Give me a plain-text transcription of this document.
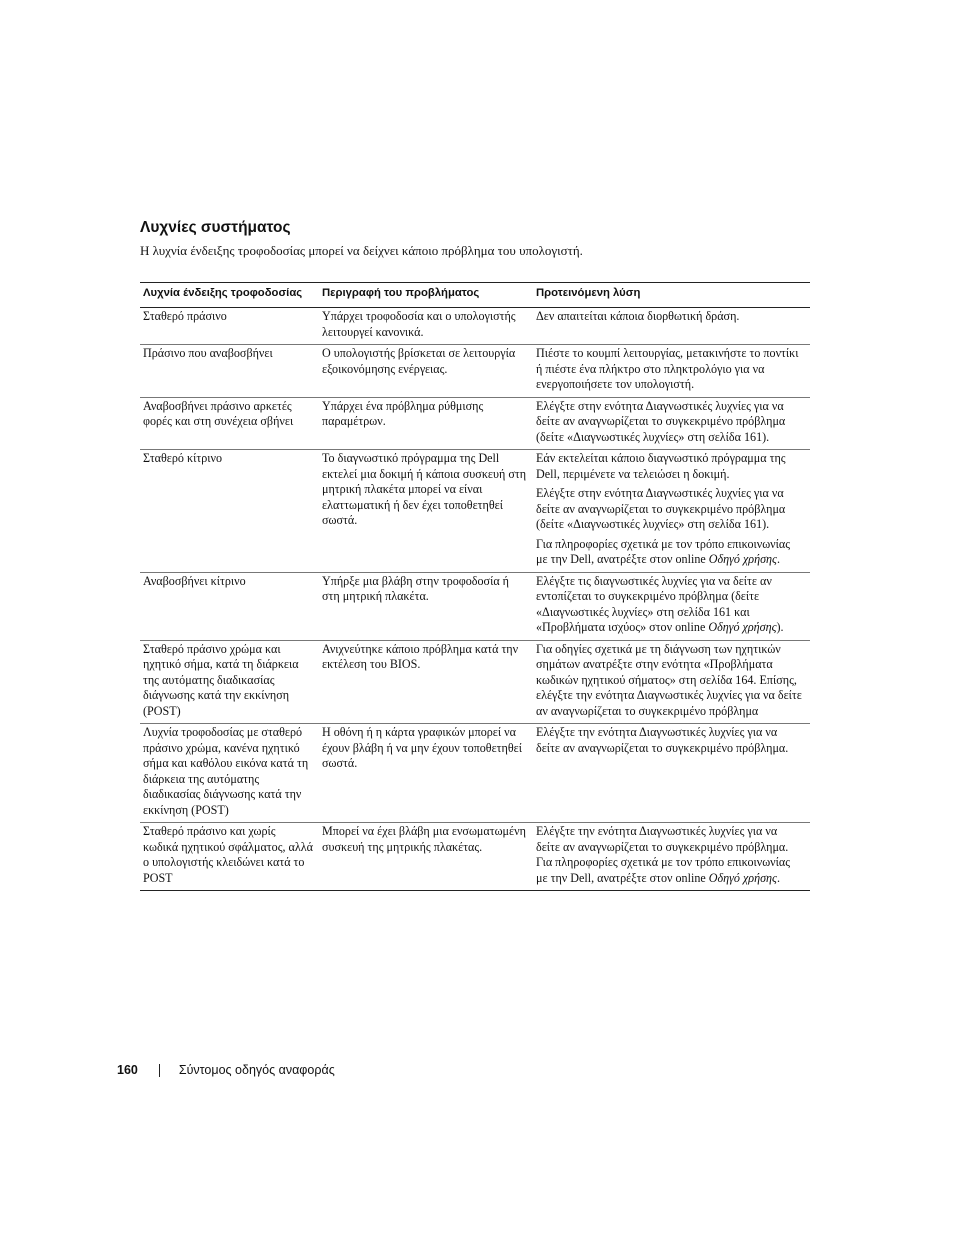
Λυχνίες συστήματος

Η λυχνία ένδειξης τροφοδοσίας μπορεί να δείχνει κάποιο πρόβλημα του υπολογιστή.

Λυχνία ένδειξης τροφοδοσίας	Περιγραφή του προβλήματος	Προτεινόμενη λύση
Σταθερό πράσινο	Υπάρχει τροφοδοσία και ο υπολογιστής λειτουργεί κανονικά.	Δεν απαιτείται κάποια διορθωτική δράση.

Πράσινο που αναβοσβήνει	Ο υπολογιστής βρίσκεται σε λειτουργία εξοικονόμησης ενέργειας.	Πιέστε το κουμπί λειτουργίας, μετακινήστε το ποντίκι ή πιέστε ένα πλήκτρο στο πληκτρολόγιο για να ενεργοποιήσετε τον υπολογιστή.

Αναβοσβήνει πράσινο αρκετές φορές και στη συνέχεια σβήνει	Υπάρχει ένα πρόβλημα ρύθμισης παραμέτρων.	Ελέγξτε στην ενότητα Διαγνωστικές λυχνίες για να δείτε αν αναγνωρίζεται το συγκεκριμένο πρόβλημα (δείτε «Διαγνωστικές λυχνίες» στη σελίδα 161).

Σταθερό κίτρινο	Το διαγνωστικό πρόγραμμα της Dell εκτελεί μια δοκιμή ή κάποια συσκευή στη μητρική πλακέτα μπορεί να είναι ελαττωματική ή δεν έχει τοποθετηθεί σωστά.	Εάν εκτελείται κάποιο διαγνωστικό πρόγραμμα της Dell, περιμένετε να τελειώσει η δοκιμή.

Ελέγξτε στην ενότητα Διαγνωστικές λυχνίες για να δείτε αν αναγνωρίζεται το συγκεκριμένο πρόβλημα (δείτε «Διαγνωστικές λυχνίες» στη σελίδα 161).

Για πληροφορίες σχετικά με τον τρόπο επικοινωνίας με την Dell, ανατρέξτε στον online Οδηγό χρήσης.

Αναβοσβήνει κίτρινο	Υπήρξε μια βλάβη στην τροφοδοσία ή στη μητρική πλακέτα.	Ελέγξτε τις διαγνωστικές λυχνίες για να δείτε αν εντοπίζεται το συγκεκριμένο πρόβλημα (δείτε «Διαγνωστικές λυχνίες» στη σελίδα 161 και «Προβλήματα ισχύος» στον online Οδηγό χρήσης).

Σταθερό πράσινο χρώμα και ηχητικό σήμα, κατά τη διάρκεια της αυτόματης διαδικασίας διάγνωσης κατά την εκκίνηση (POST)	Ανιχνεύτηκε κάποιο πρόβλημα κατά την εκτέλεση του BIOS.	Για οδηγίες σχετικά με τη διάγνωση των ηχητικών σημάτων ανατρέξτε στην ενότητα «Προβλήματα κωδικών ηχητικού σήματος» στη σελίδα 164. Επίσης, ελέγξτε την ενότητα Διαγνωστικές λυχνίες για να δείτε αν αναγνωρίζεται το συγκεκριμένο πρόβλημα

Λυχνία τροφοδοσίας με σταθερό πράσινο χρώμα, κανένα ηχητικό σήμα και καθόλου εικόνα κατά τη διάρκεια της αυτόματης διαδικασίας διάγνωσης κατά την εκκίνηση (POST)	Η οθόνη ή η κάρτα γραφικών μπορεί να έχουν βλάβη ή να μην έχουν τοποθετηθεί σωστά.	Ελέγξτε την ενότητα Διαγνωστικές λυχνίες για να δείτε αν αναγνωρίζεται το συγκεκριμένο πρόβλημα.

Σταθερό πράσινο και χωρίς κωδικά ηχητικού σφάλματος, αλλά ο υπολογιστής κλειδώνει κατά το POST	Μπορεί να έχει βλάβη μια ενσωματωμένη συσκευή της μητρικής πλακέτας.	Ελέγξτε την ενότητα Διαγνωστικές λυχνίες για να δείτε αν αναγνωρίζεται το συγκεκριμένο πρόβλημα. Για πληροφορίες σχετικά με τον τρόπο επικοινωνίας με την Dell, ανατρέξτε στον online Οδηγό χρήσης.

160	Σύντομος οδηγός αναφοράς
